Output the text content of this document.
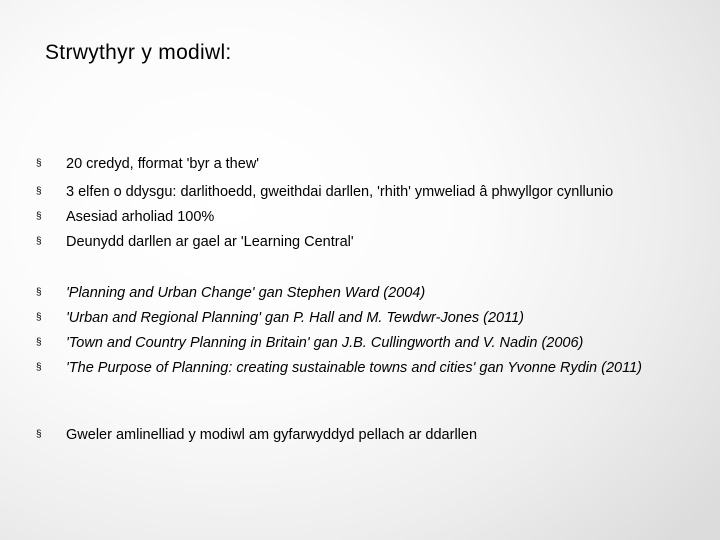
Strwythyr y modiwl:
§ 20 credyd, fformat 'byr a thew'
§ 3 elfen o ddysgu: darlithoedd, gweithdai darllen, 'rhith' ymweliad â phwyllgor cynllunio
§ Asesiad arholiad 100%
§ Deunydd darllen ar gael ar 'Learning Central'
§ 'Planning and Urban Change' gan Stephen Ward (2004)
§ 'Urban and Regional Planning' gan P. Hall and M. Tewdwr-Jones (2011)
§ 'Town and Country Planning in Britain' gan J.B. Cullingworth and V. Nadin (2006)
§ 'The Purpose of Planning: creating sustainable towns and cities' gan Yvonne Rydin (2011)
§ Gweler amlinelliad y modiwl am gyfarwyddyd pellach ar ddarllen
